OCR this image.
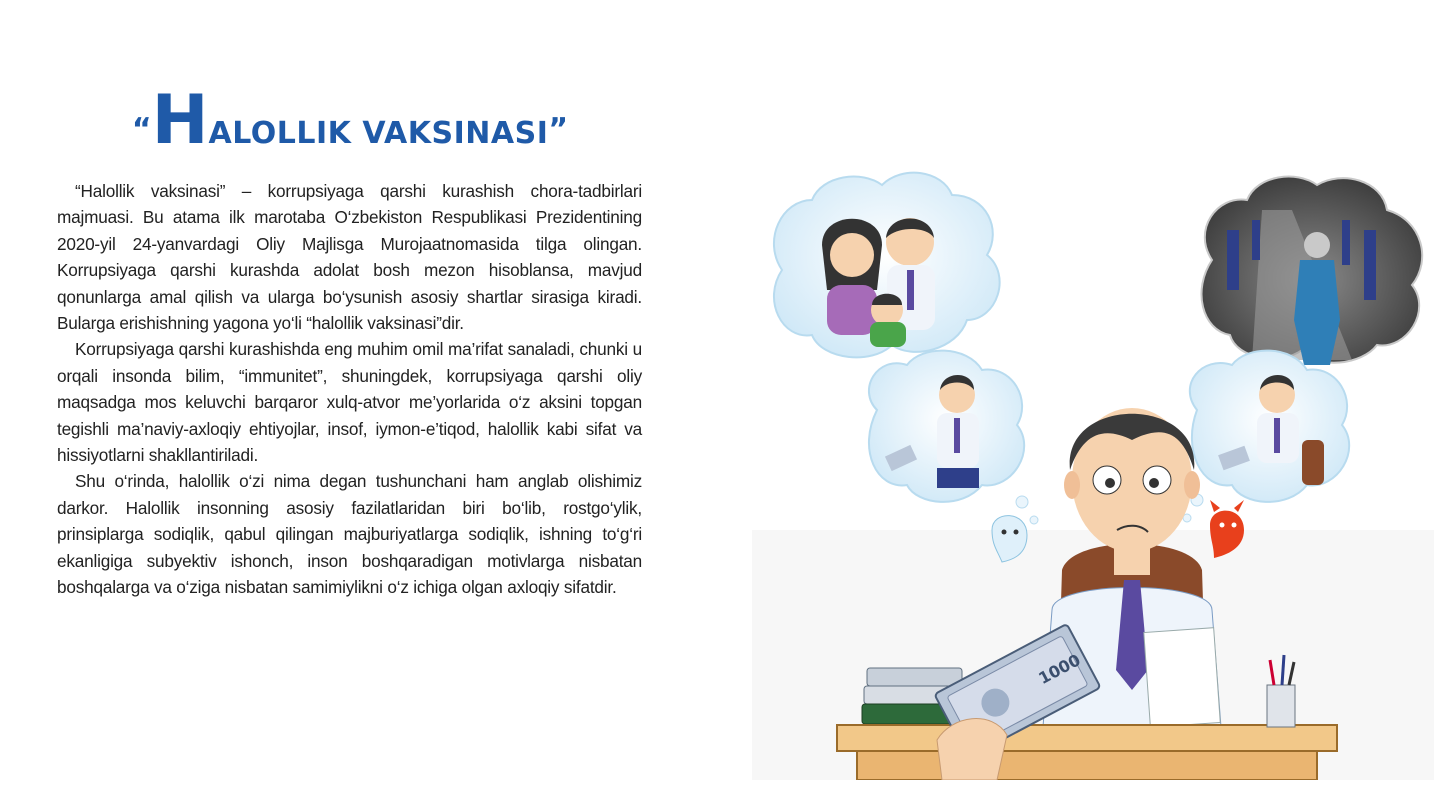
“HALOLLIK VAKSINASI”

“Halollik vaksinasi” – korrupsiyaga qarshi kurashish chora-tadbirlari majmuasi. Bu atama ilk marotaba O‘zbekiston Respublikasi Prezidentining 2020-yil 24-yanvardagi Oliy Majlisga Murojaatnomasida tilga olingan. Korrupsiyaga qarshi kurashda adolat bosh mezon hisoblansa, mavjud qonunlarga amal qilish va ularga bo‘ysunish asosiy shartlar sirasiga kiradi. Bularga erishishning yagona yo‘li “halollik vaksinasi”dir.

Korrupsiyaga qarshi kurashishda eng muhim omil ma’rifat sanaladi, chunki u orqali insonda bilim, “immunitet”, shuningdek, korrupsiyaga qarshi oliy maqsadga mos keluvchi barqaror xulq-atvor me’yorlarida o‘z aksini topgan tegishli ma’naviy-axloqiy ehtiyojlar, insof, iymon-e’tiqod, halollik kabi sifat va hissiyotlarni shakllantiriladi.

Shu o‘rinda, halollik o‘zi nima degan tushunchani ham anglab olishimiz darkor. Halollik insonning asosiy fazilatlaridan biri bo‘lib, rostgo‘ylik, prinsiplarga sodiqlik, qabul qilingan majburiyatlarga sodiqlik, ishning to‘g‘ri ekanligiga subyektiv ishonch, inson boshqaradigan motivlarga nisbatan boshqalarga va o‘ziga nisbatan samimiylikni o‘z ichiga olgan axloqiy sifatdir.

1000
